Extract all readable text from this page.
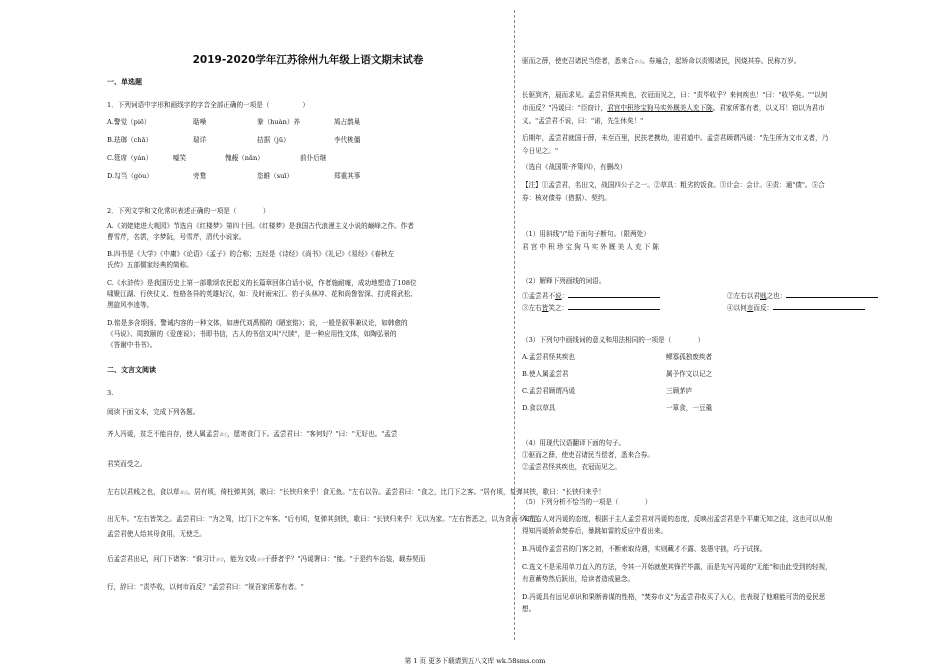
2019-2020学年江苏徐州九年级上语文期末试卷
一、单选题
1．下列词语中字形和画线字的字音全部正确的一项是（　　　　　）
A.警觉（piē）	聒噪	豢（huàn）养	鸠占鹊巢
B.珐瑯（chā）	瑞详	拮据（jū）	李代桃僵
C.筵席（yán）	嘘笑	愧赧（nǎn）	前仆后继
D.勾当（gòu）	旁鹜	恣睢（suī）	郑重其事
2．下列文学和文化常识表述正确的一项是（　　　　）
A.《刘姥姥进大观园》节选自《红楼梦》第四十回。《红楼梦》是我国古代浪漫主义小说的巅峰之作。作者
曹雪芹，名霑，字梦阮，号雪芹，清代小说家。
B.四书是《大学》《中庸》《论语》《孟子》的合称；五经是《诗经》《尚书》《礼记》《易经》《春秋左
氏传》五部儒家经典的简称。
C.《水浒传》是我国历史上第一部歌颂农民起义的长篇章回体白话小说，作者施耐庵，成功地塑造了108位
啸聚江湖、行侠仗义、性格各异的英雄好汉，如：及时雨宋江、豹子头林冲、花和尚鲁智深、打虎将武松、
黑旋风李逵等。
D.铭是多含颂扬、警诫内容的一种文体，如唐代刘禹锡的《陋室铭》；说，一般是叙事兼议论，如韩愈的
《马说》、周敦颐的《爱莲说》；书即书信，古人的书信又叫"尺牍"，是一种应用性文体，如陶弘景的
《答谢中书书》。
二、文言文阅读
3.
阅读下面文本，完成下列各题。
齐人冯谖，贫乏不能自存，使人属孟尝君①，愿寄食门下。孟尝君曰："客何好？"曰："无好也。"孟尝
君笑而受之。
左右以君贱之也，食以草具②。居有顷，倚柱弹其剑，歌曰："长铗归来乎！食无鱼。"左右以告。孟尝君曰："食之，比门下之客。"居有顷，复弹其铗，歌曰："长铗归来乎！
出无车。"左右皆笑之。孟尝君曰："为之驾，比门下之车客。"后有顷，复弹其剑铗，歌曰："长铗归来乎！无以为家。"左右皆恶之，以为贪而不知足。
孟尝君使人给其母食用，无使乏。
后孟尝君出记，问门下诸客："谁习计会③，能为文收责④于薛者乎？"冯谖署曰："能。"于是约车治装，载券契而
行，辞曰："责毕收，以何市而反？"孟尝君曰："视吾家所寡有者。"
驱而之薛，使吏召诸民当偿者，悉来合券⑤。券遍合，起矫命以责赐诸民，因烧其券。民称万岁。
长驱到齐，晨而求见。孟尝君怪其疾也，衣冠而见之，曰："责毕收乎？来何疾也！"曰："收毕矣。""以何
市而反？"冯谖曰："臣窃计，君宫中积珍宝狗马实外厩美人充下陈。君家所寡有者，以义耳！窃以为君市
义。"孟尝君不说，曰："诺，先生休矣！"
后期年，孟尝君就国于薛，未至百里，民扶老携幼，迎君道中。孟尝君顾谓冯谖："先生所为文市义者，乃
今日见之。"
（选自《战国策·齐策四》，有删改）
【注】①孟尝君，名田文，战国四公子之一。②草具：粗劣的饭食。③计会：会计。④责：通"债"。⑤合
券：核对债券（借据）、契约。
（1）用斜线"/"给下面句子断句。（限两处）
君 宫 中 积 珍 宝 狗 马 实 外 厩 美 人 充 下 陈
（2）解释下列画线的词语。
①孟尝君不说：	②左右以君贱之也：
③左右皆笑之：	④以何市而反：
（3）下列句中画线词的意义和用法相同的一项是（　　　　）
A.孟尝君怪其疾也	鳏寡孤独废疾者
B.使人属孟尝君	属予作文以记之
C.孟尝君顾谓冯谖	三顾茅庐
D.食以草具	一箪食，一豆羹
（4）用现代汉语翻译下面的句子。
①驱而之薛，使吏召诸民当偿者，悉来合券。
②孟尝君怪其疾也，衣冠而见之。
（5）下列分析不恰当的一项是（　　　　）
A.左右人对冯谖的态度，根据于主人孟尝君对冯谖的态度，反映出孟尝君是个平庸无知之徒，这也可以从他
得知冯谖轿命焚券后，暴跳如雷的反应中看出来。
B.冯谖作孟尝君的门客之初，不断索取待遇，实则藏才不露、装愚守拙，巧于试探。
C.选文不是采用单刀直入的方法，令其一开始就使其锋芒毕露，而是先写冯谖的"无能"和由此受到的轻视，
有意蓄势然后跃出，给读者造成悬念。
D.冯谖具有远见卓识和果断善谋的性格，"焚券市义"为孟尝君收买了人心，也表现了他难能可贵的爱民思
想。
第 1 页 更多下载请到五八文库 wk.58sms.com
